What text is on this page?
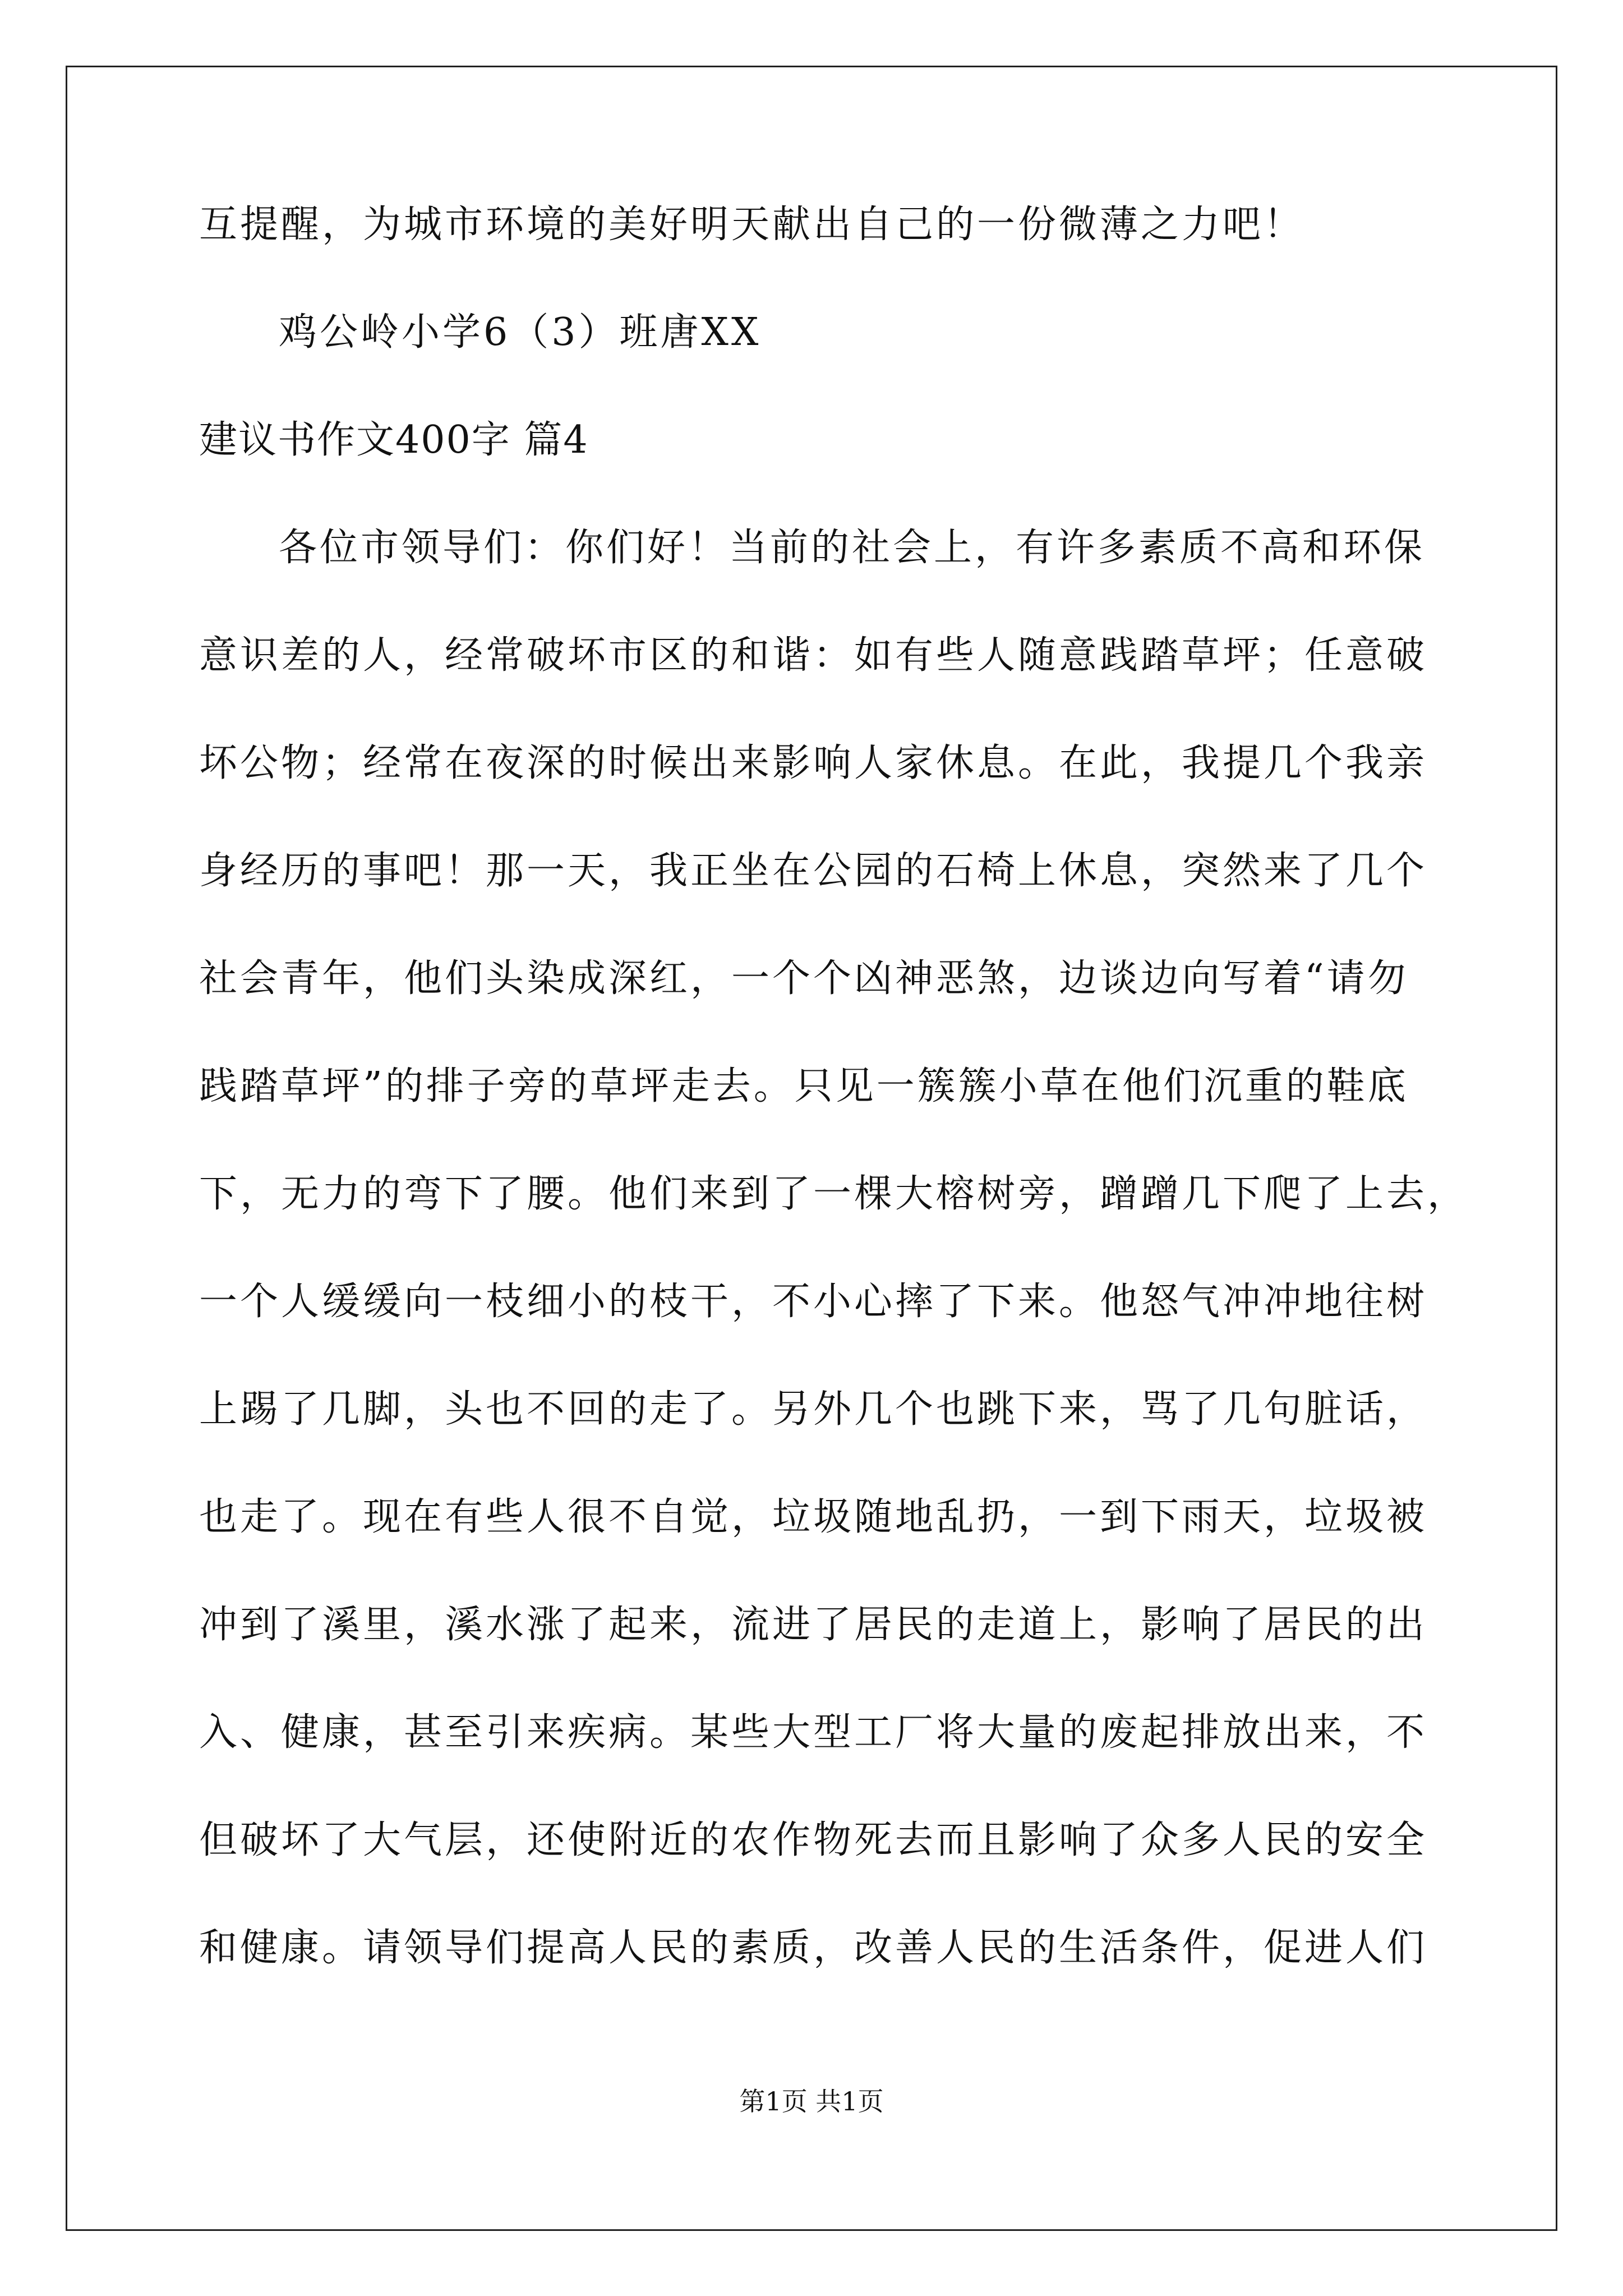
互提醒，为城市环境的美好明天献出自己的一份微薄之力吧！
鸡公岭小学6（3）班唐XX
建议书作文400字 篇4
各位市领导们：你们好！当前的社会上，有许多素质不高和环保
意识差的人，经常破坏市区的和谐：如有些人随意践踏草坪；任意破
坏公物；经常在夜深的时候出来影响人家休息。在此，我提几个我亲
身经历的事吧！那一天，我正坐在公园的石椅上休息，突然来了几个
社会青年，他们头染成深红，一个个凶神恶煞，边谈边向写着“请勿
践踏草坪”的排子旁的草坪走去。只见一簇簇小草在他们沉重的鞋底
下，无力的弯下了腰。他们来到了一棵大榕树旁，蹭蹭几下爬了上去，
一个人缓缓向一枝细小的枝干，不小心摔了下来。他怒气冲冲地往树
上踢了几脚，头也不回的走了。另外几个也跳下来，骂了几句脏话，
也走了。现在有些人很不自觉，垃圾随地乱扔，一到下雨天，垃圾被
冲到了溪里，溪水涨了起来，流进了居民的走道上，影响了居民的出
入、健康，甚至引来疾病。某些大型工厂将大量的废起排放出来，不
但破坏了大气层，还使附近的农作物死去而且影响了众多人民的安全
和健康。请领导们提高人民的素质，改善人民的生活条件，促进人们
第1页 共1页
